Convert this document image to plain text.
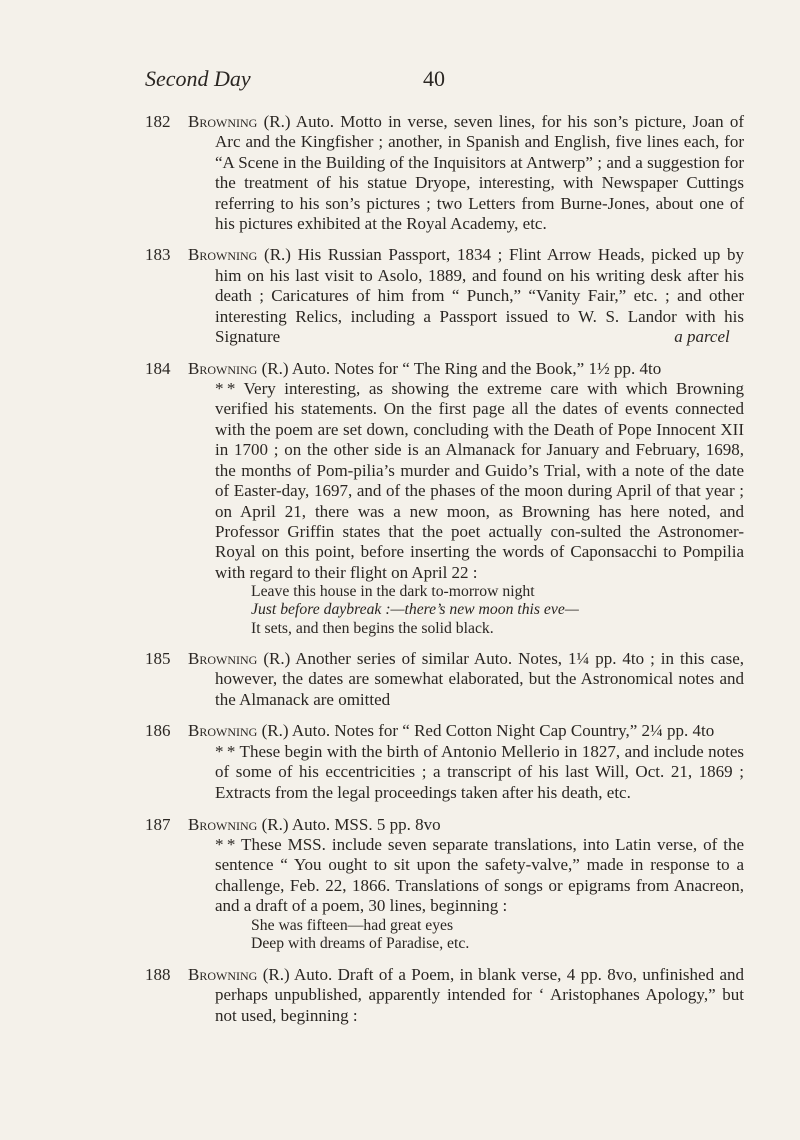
Second Day	40
182 Browning (R.) Auto. Motto in verse, seven lines, for his son’s picture, Joan of Arc and the Kingfisher ; another, in Spanish and English, five lines each, for “A Scene in the Building of the Inquisitors at Antwerp” ; and a suggestion for the treatment of his statue Dryope, interesting, with Newspaper Cuttings referring to his son’s pictures ; two Letters from Burne-Jones, about one of his pictures exhibited at the Royal Academy, etc.

183 Browning (R.) His Russian Passport, 1834 ; Flint Arrow Heads, picked up by him on his last visit to Asolo, 1889, and found on his writing desk after his death ; Caricatures of him from “ Punch,” “Vanity Fair,” etc. ; and other interesting Relics, including a Passport issued to W. S. Landor with his Signature	a parcel

184 Browning (R.) Auto. Notes for “ The Ring and the Book,” 1½ pp. 4to

* * Very interesting, as showing the extreme care with which Browning verified his statements. On the first page all the dates of events connected with the poem are set down, concluding with the Death of Pope Innocent XII in 1700 ; on the other side is an Almanack for January and February, 1698, the months of Pom-pilia’s murder and Guido’s Trial, with a note of the date of Easter-day, 1697, and of the phases of the moon during April of that year ; on April 21, there was a new moon, as Browning has here noted, and Professor Griffin states that the poet actually con-sulted the Astronomer-Royal on this point, before inserting the words of Caponsacchi to Pompilia with regard to their flight on April 22 :

Leave this house in the dark to-morrow night
Just before daybreak :—there’s new moon this eve—
It sets, and then begins the solid black.
185 Browning (R.) Another series of similar Auto. Notes, 1¼ pp. 4to ; in this case, however, the dates are somewhat elaborated, but the Astronomical notes and the Almanack are omitted

186 Browning (R.) Auto. Notes for “ Red Cotton Night Cap Country,” 2¼ pp. 4to

* * These begin with the birth of Antonio Mellerio in 1827, and include notes of some of his eccentricities ; a transcript of his last Will, Oct. 21, 1869 ; Extracts from the legal proceedings taken after his death, etc.

187 Browning (R.) Auto. MSS. 5 pp. 8vo

* * These MSS. include seven separate translations, into Latin verse, of the sentence “ You ought to sit upon the safety-valve,” made in response to a challenge, Feb. 22, 1866. Translations of songs or epigrams from Anacreon, and a draft of a poem, 30 lines, beginning :

She was fifteen—had great eyes
Deep with dreams of Paradise, etc.
188 Browning (R.) Auto. Draft of a Poem, in blank verse, 4 pp. 8vo, unfinished and perhaps unpublished, apparently intended for ‘ Aristophanes Apology,” but not used, beginning :
